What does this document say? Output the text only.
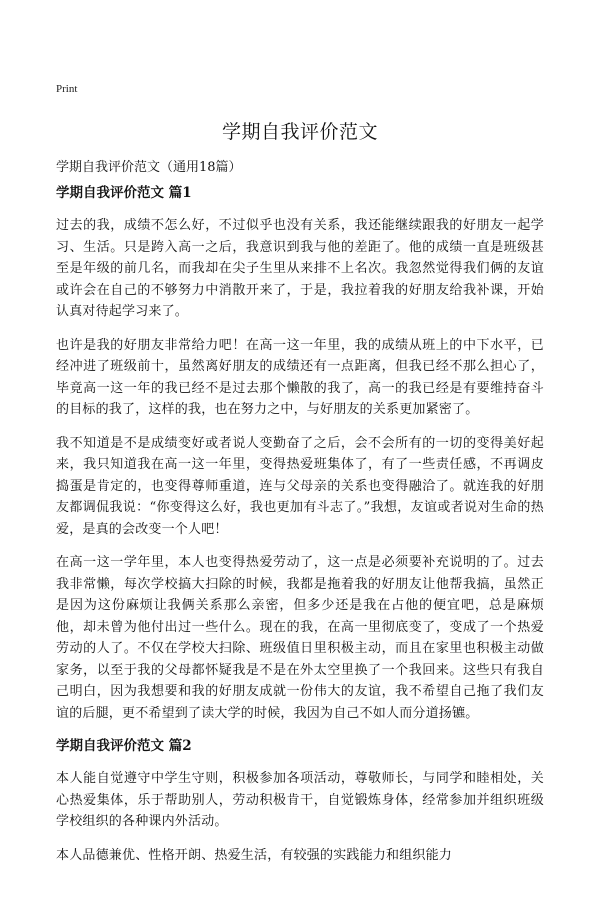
Print
学期自我评价范文

学期自我评价范文（通用18篇）

学期自我评价范文 篇1

过去的我，成绩不怎么好，不过似乎也没有关系，我还能继续跟我的好朋友一起学习、生活。只是跨入高一之后，我意识到我与他的差距了。他的成绩一直是班级甚至是年级的前几名，而我却在尖子生里从来排不上名次。我忽然觉得我们俩的友谊或许会在自己的不够努力中消散开来了，于是，我拉着我的好朋友给我补课，开始认真对待起学习来了。

也许是我的好朋友非常给力吧！在高一这一年里，我的成绩从班上的中下水平，已经冲进了班级前十，虽然离好朋友的成绩还有一点距离，但我已经不那么担心了，毕竟高一这一年的我已经不是过去那个懒散的我了，高一的我已经是有要维持奋斗的目标的我了，这样的我，也在努力之中，与好朋友的关系更加紧密了。

我不知道是不是成绩变好或者说人变勤奋了之后，会不会所有的一切的变得美好起来，我只知道我在高一这一年里，变得热爱班集体了，有了一些责任感，不再调皮捣蛋是肯定的，也变得尊师重道，连与父母亲的关系也变得融洽了。就连我的好朋友都调侃我说：“你变得这么好，我也更加有斗志了。”我想，友谊或者说对生命的热爱，是真的会改变一个人吧！

在高一这一学年里，本人也变得热爱劳动了，这一点是必须要补充说明的了。过去我非常懒，每次学校搞大扫除的时候，我都是拖着我的好朋友让他帮我搞，虽然正是因为这份麻烦让我俩关系那么亲密，但多少还是我在占他的便宜吧，总是麻烦他，却未曾为他付出过一些什么。现在的我，在高一里彻底变了，变成了一个热爱劳动的人了。不仅在学校大扫除、班级值日里积极主动，而且在家里也积极主动做家务，以至于我的父母都怀疑我是不是在外太空里换了一个我回来。这些只有我自己明白，因为我想要和我的好朋友成就一份伟大的友谊，我不希望自己拖了我们友谊的后腿，更不希望到了读大学的时候，我因为自己不如人而分道扬镳。

学期自我评价范文 篇2

本人能自觉遵守中学生守则，积极参加各项活动，尊敬师长，与同学和睦相处，关心热爱集体，乐于帮助别人，劳动积极肯干，自觉锻炼身体，经常参加并组织班级学校组织的各种课内外活动。

本人品德兼优、性格开朗、热爱生活，有较强的实践能力和组织能力
